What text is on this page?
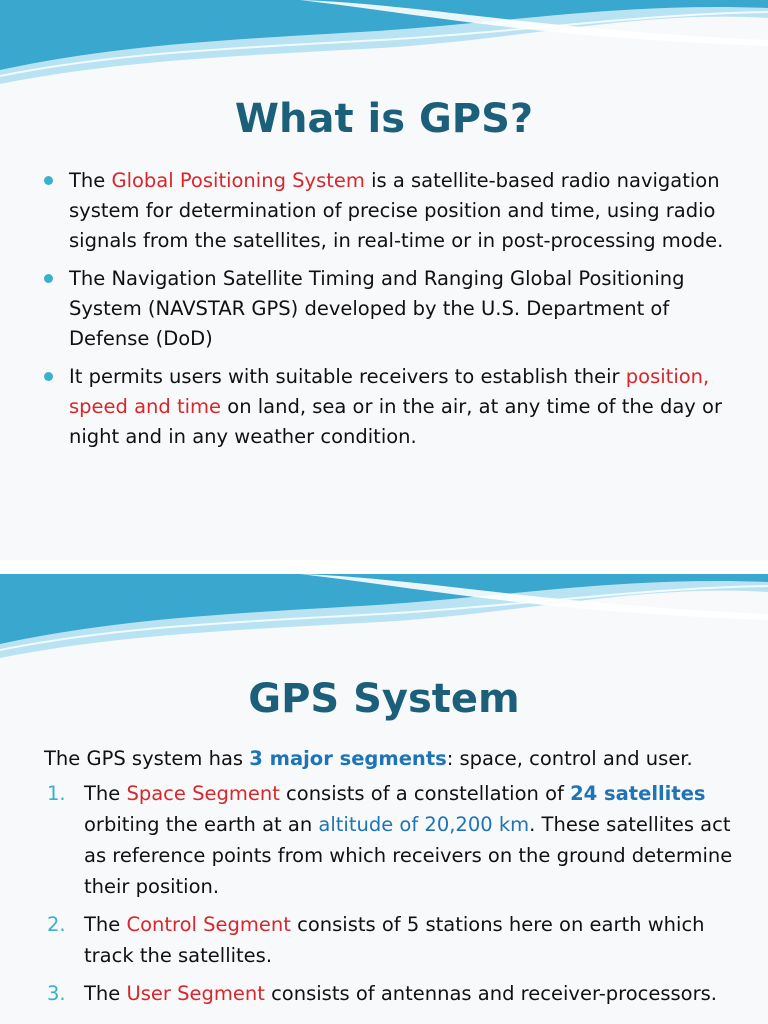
What is GPS?
The Global Positioning System is a satellite-based radio navigation system for determination of precise position and time, using radio signals from the satellites, in real-time or in post-processing mode.
The Navigation Satellite Timing and Ranging Global Positioning System (NAVSTAR GPS) developed by the U.S. Department of Defense (DoD)
It permits users with suitable receivers to establish their position, speed and time on land, sea or in the air, at any time of the day or night and in any weather condition.
GPS System

The GPS system has 3 major segments: space, control and user.

1. The Space Segment consists of a constellation of 24 satellites orbiting the earth at an altitude of 20,200 km. These satellites act as reference points from which receivers on the ground determine their position.
2. The Control Segment consists of 5 stations here on earth which track the satellites.
3. The User Segment consists of antennas and receiver-processors.
